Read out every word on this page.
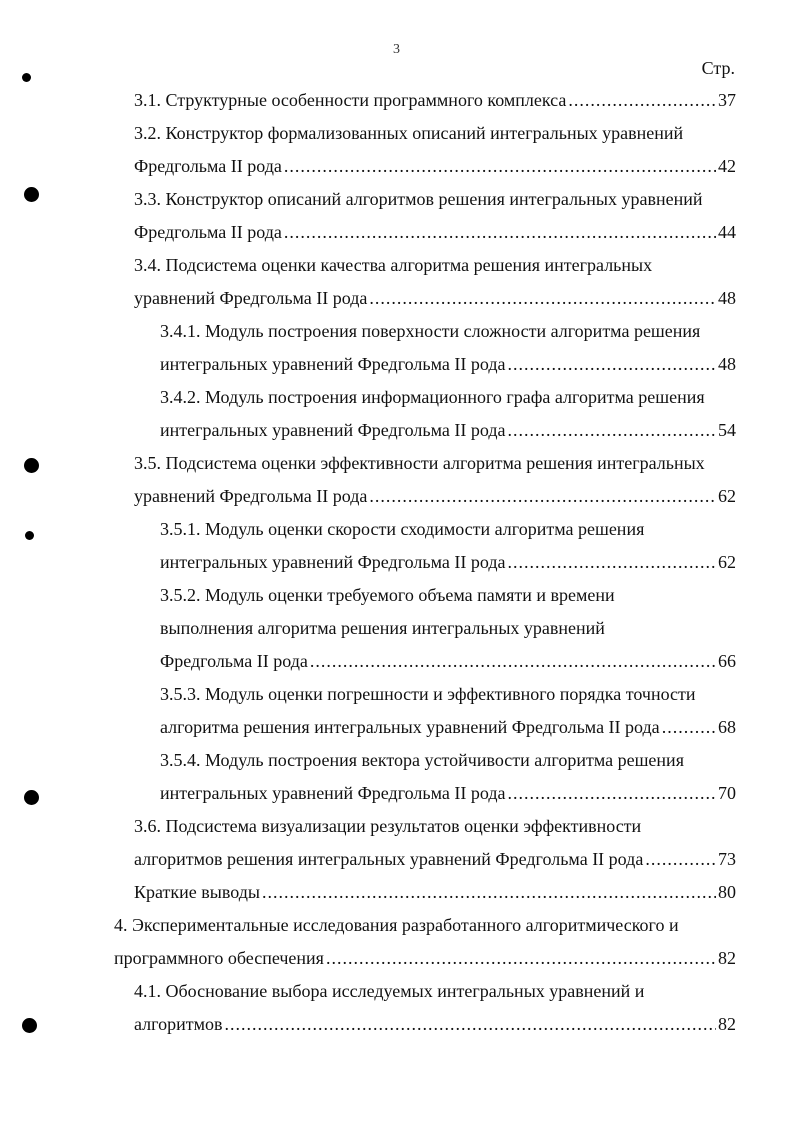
3
Стр.
3.1. Структурные особенности программного комплекса .....	37
3.2. Конструктор формализованных описаний интегральных уравнений
Фредгольма II рода .....	42
3.3. Конструктор описаний алгоритмов решения интегральных уравнений
Фредгольма II рода .....	44
3.4. Подсистема оценки качества алгоритма решения интегральных
уравнений Фредгольма II рода .....	48
3.4.1. Модуль построения поверхности сложности алгоритма решения
интегральных уравнений Фредгольма II рода .....	48
3.4.2. Модуль построения информационного графа алгоритма решения
интегральных уравнений Фредгольма II рода .....	54
3.5. Подсистема оценки эффективности алгоритма решения интегральных
уравнений Фредгольма II рода .....	62
3.5.1. Модуль оценки скорости сходимости алгоритма решения
интегральных уравнений Фредгольма II рода .....	62
3.5.2. Модуль оценки требуемого объема памяти и времени
выполнения алгоритма решения интегральных уравнений
Фредгольма II рода .....	66
3.5.3. Модуль оценки погрешности и эффективного порядка точности
алгоритма решения интегральных уравнений Фредгольма II рода .....	68
3.5.4. Модуль построения вектора устойчивости алгоритма решения
интегральных уравнений Фредгольма II рода .....	70
3.6. Подсистема визуализации результатов оценки эффективности
алгоритмов решения интегральных уравнений Фредгольма II рода .....	73
Краткие выводы .....	80
4. Экспериментальные исследования разработанного алгоритмического и
программного обеспечения .....	82
4.1. Обоснование выбора исследуемых интегральных уравнений и
алгоритмов .....	82
